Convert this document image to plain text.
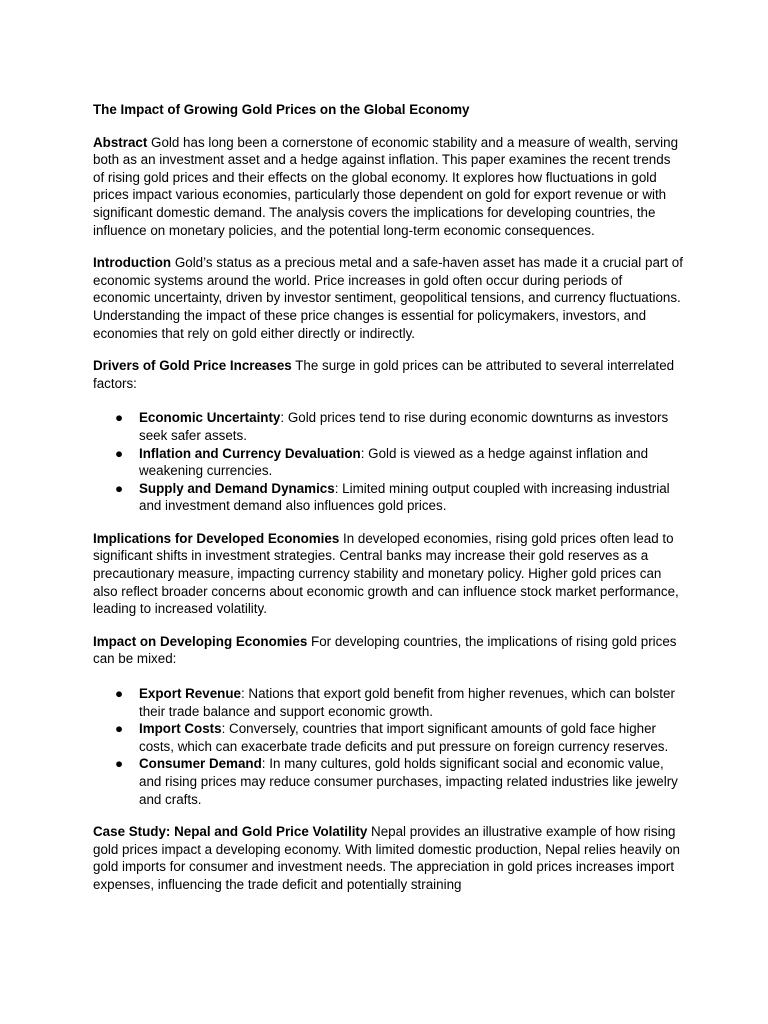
The Impact of Growing Gold Prices on the Global Economy

Abstract Gold has long been a cornerstone of economic stability and a measure of wealth, serving both as an investment asset and a hedge against inflation. This paper examines the recent trends of rising gold prices and their effects on the global economy. It explores how fluctuations in gold prices impact various economies, particularly those dependent on gold for export revenue or with significant domestic demand. The analysis covers the implications for developing countries, the influence on monetary policies, and the potential long-term economic consequences.

Introduction Gold’s status as a precious metal and a safe-haven asset has made it a crucial part of economic systems around the world. Price increases in gold often occur during periods of economic uncertainty, driven by investor sentiment, geopolitical tensions, and currency fluctuations. Understanding the impact of these price changes is essential for policymakers, investors, and economies that rely on gold either directly or indirectly.

Drivers of Gold Price Increases The surge in gold prices can be attributed to several interrelated factors:

● Economic Uncertainty: Gold prices tend to rise during economic downturns as investors seek safer assets.
● Inflation and Currency Devaluation: Gold is viewed as a hedge against inflation and weakening currencies.
● Supply and Demand Dynamics: Limited mining output coupled with increasing industrial and investment demand also influences gold prices.

Implications for Developed Economies In developed economies, rising gold prices often lead to significant shifts in investment strategies. Central banks may increase their gold reserves as a precautionary measure, impacting currency stability and monetary policy. Higher gold prices can also reflect broader concerns about economic growth and can influence stock market performance, leading to increased volatility.

Impact on Developing Economies For developing countries, the implications of rising gold prices can be mixed:

● Export Revenue: Nations that export gold benefit from higher revenues, which can bolster their trade balance and support economic growth.
● Import Costs: Conversely, countries that import significant amounts of gold face higher costs, which can exacerbate trade deficits and put pressure on foreign currency reserves.
● Consumer Demand: In many cultures, gold holds significant social and economic value, and rising prices may reduce consumer purchases, impacting related industries like jewelry and crafts.

Case Study: Nepal and Gold Price Volatility Nepal provides an illustrative example of how rising gold prices impact a developing economy. With limited domestic production, Nepal relies heavily on gold imports for consumer and investment needs. The appreciation in gold prices increases import expenses, influencing the trade deficit and potentially straining
